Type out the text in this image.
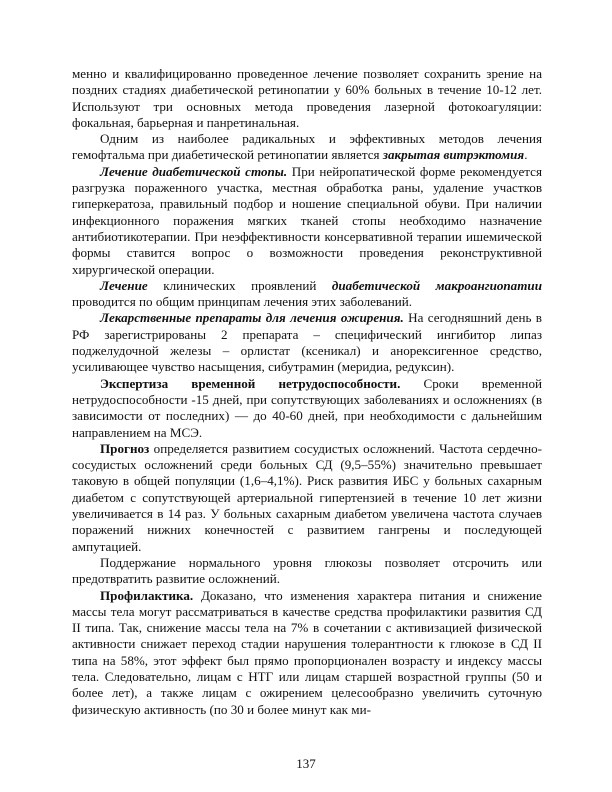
менно и квалифицированно проведенное лечение позволяет сохранить зрение на поздних стадиях диабетической ретинопатии у 60% больных в течение 10-12 лет. Используют три основных метода проведения лазерной фотокоагуляции: фокальная, барьерная и панретинальная.

Одним из наиболее радикальных и эффективных методов лечения гемофтальма при диабетической ретинопатии является закрытая витрэктомия.

Лечение диабетической стопы. При нейропатической форме рекомендуется разгрузка пораженного участка, местная обработка раны, удаление участков гиперкератоза, правильный подбор и ношение специальной обуви. При наличии инфекционного поражения мягких тканей стопы необходимо назначение антибиотикотерапии. При неэффективности консервативной терапии ишемической формы ставится вопрос о возможности проведения реконструктивной хирургической операции.

Лечение клинических проявлений диабетической макроангиопатии проводится по общим принципам лечения этих заболеваний.

Лекарственные препараты для лечения ожирения. На сегодняшний день в РФ зарегистрированы 2 препарата – специфический ингибитор липаз поджелудочной железы – орлистат (ксеникал) и анорексигенное средство, усиливающее чувство насыщения, сибутрамин (меридиа, редуксин).

Экспертиза временной нетрудоспособности. Сроки временной нетрудоспособности -15 дней, при сопутствующих заболеваниях и осложнениях (в зависимости от последних) — до 40-60 дней, при необходимости с дальнейшим направлением на МСЭ.

Прогноз определяется развитием сосудистых осложнений. Частота сердечно-сосудистых осложнений среди больных СД (9,5–55%) значительно превышает таковую в общей популяции (1,6–4,1%). Риск развития ИБС у больных сахарным диабетом с сопутствующей артериальной гипертензией в течение 10 лет жизни увеличивается в 14 раз. У больных сахарным диабетом увеличена частота случаев поражений нижних конечностей с развитием гангрены и последующей ампутацией.

Поддержание нормального уровня глюкозы позволяет отсрочить или предотвратить развитие осложнений.

Профилактика. Доказано, что изменения характера питания и снижение массы тела могут рассматриваться в качестве средства профилактики развития СД II типа. Так, снижение массы тела на 7% в сочетании с активизацией физической активности снижает переход стадии нарушения толерантности к глюкозе в СД II типа на 58%, этот эффект был прямо пропорционален возрасту и индексу массы тела. Следовательно, лицам с НТГ или лицам старшей возрастной группы (50 и более лет), а также лицам с ожирением целесообразно увеличить суточную физическую активность (по 30 и более минут как ми-

137
